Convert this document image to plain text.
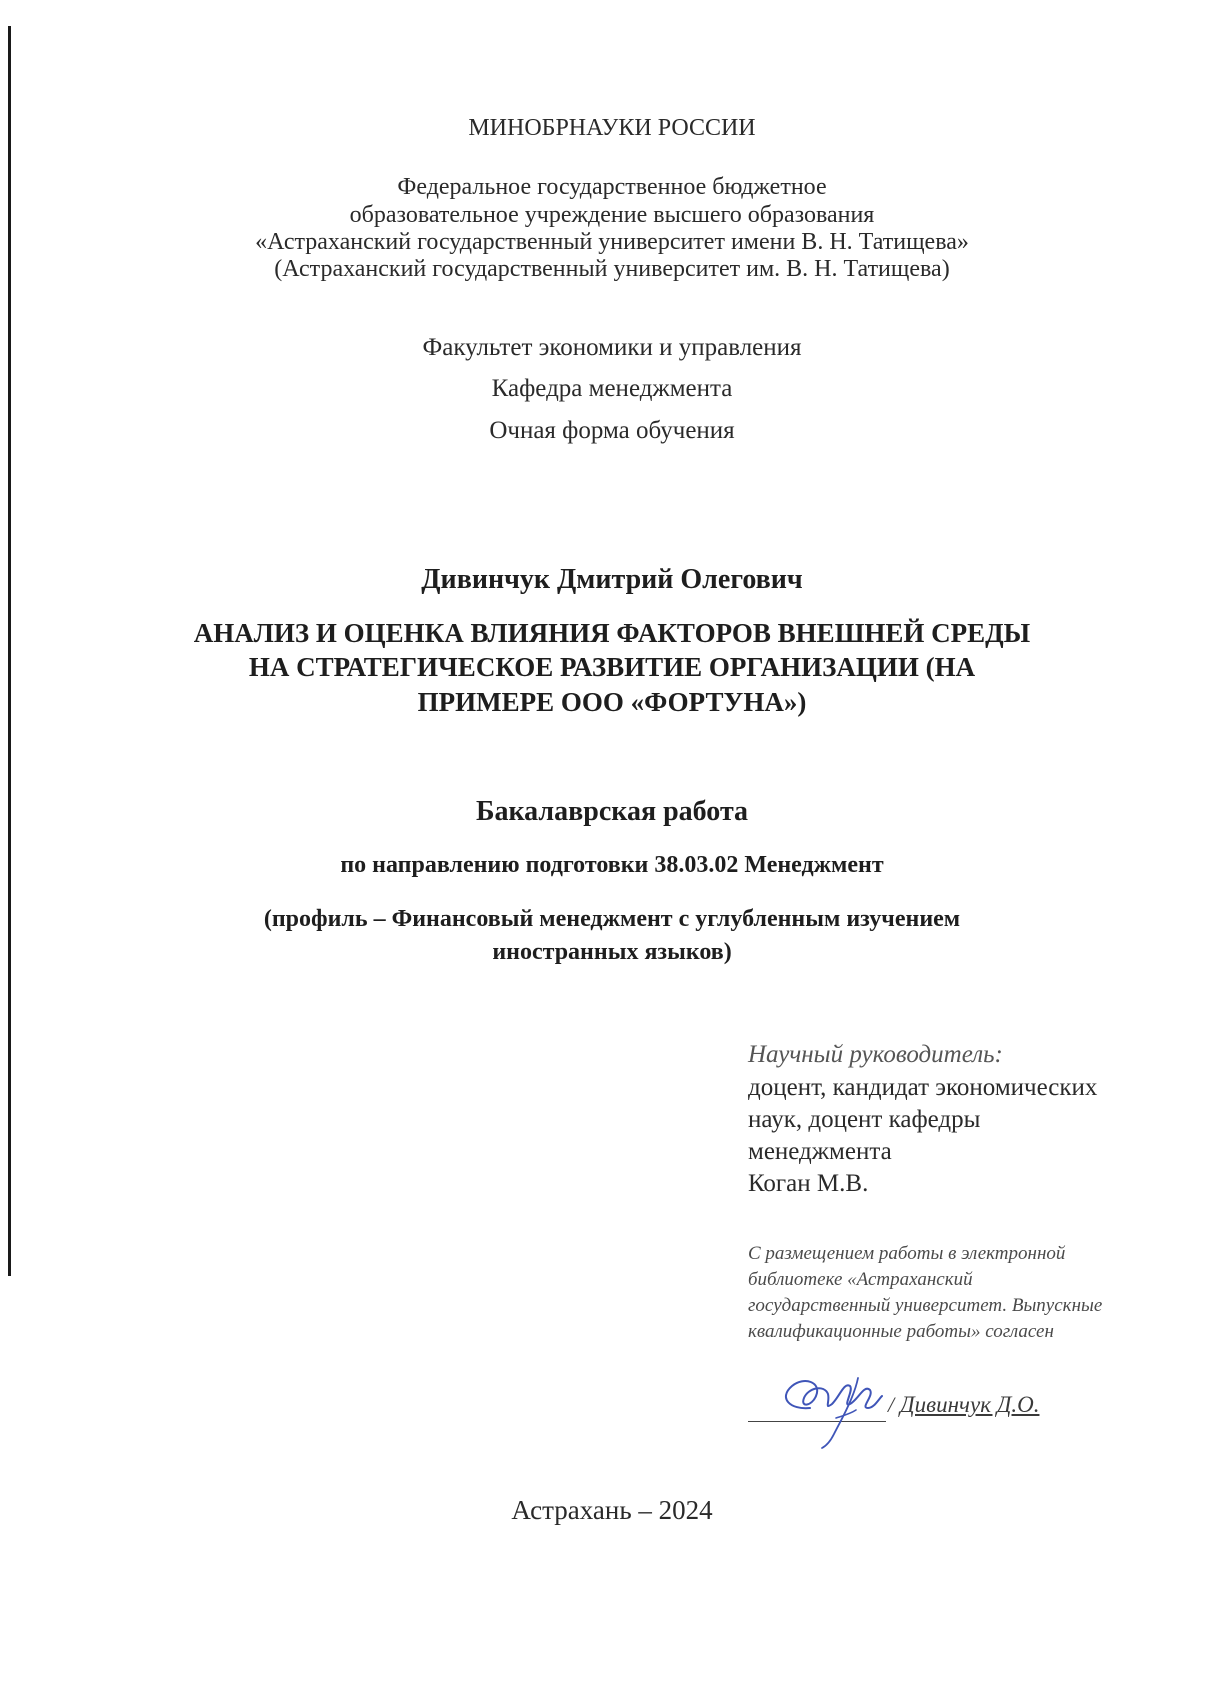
МИНОБРНАУКИ РОССИИ
Федеральное государственное бюджетное
образовательное учреждение высшего образования
«Астраханский государственный университет имени В. Н. Татищева»
(Астраханский государственный университет им. В. Н. Татищева)
Факультет экономики и управления
Кафедра менеджмента
Очная форма обучения
Дивинчук Дмитрий Олегович
АНАЛИЗ И ОЦЕНКА ВЛИЯНИЯ ФАКТОРОВ ВНЕШНЕЙ СРЕДЫ
НА СТРАТЕГИЧЕСКОЕ РАЗВИТИЕ ОРГАНИЗАЦИИ (НА
ПРИМЕРЕ ООО «ФОРТУНА»)
Бакалаврская работа
по направлению подготовки 38.03.02 Менеджмент
(профиль – Финансовый менеджмент с углубленным изучением
иностранных языков)
Научный руководитель:
доцент, кандидат экономических
наук, доцент кафедры
менеджмента
Коган М.В.
С размещением работы в электронной
библиотеке «Астраханский
государственный университет. Выпускные
квалификационные работы» согласен
/ Дивинчук Д.О.
Астрахань – 2024
